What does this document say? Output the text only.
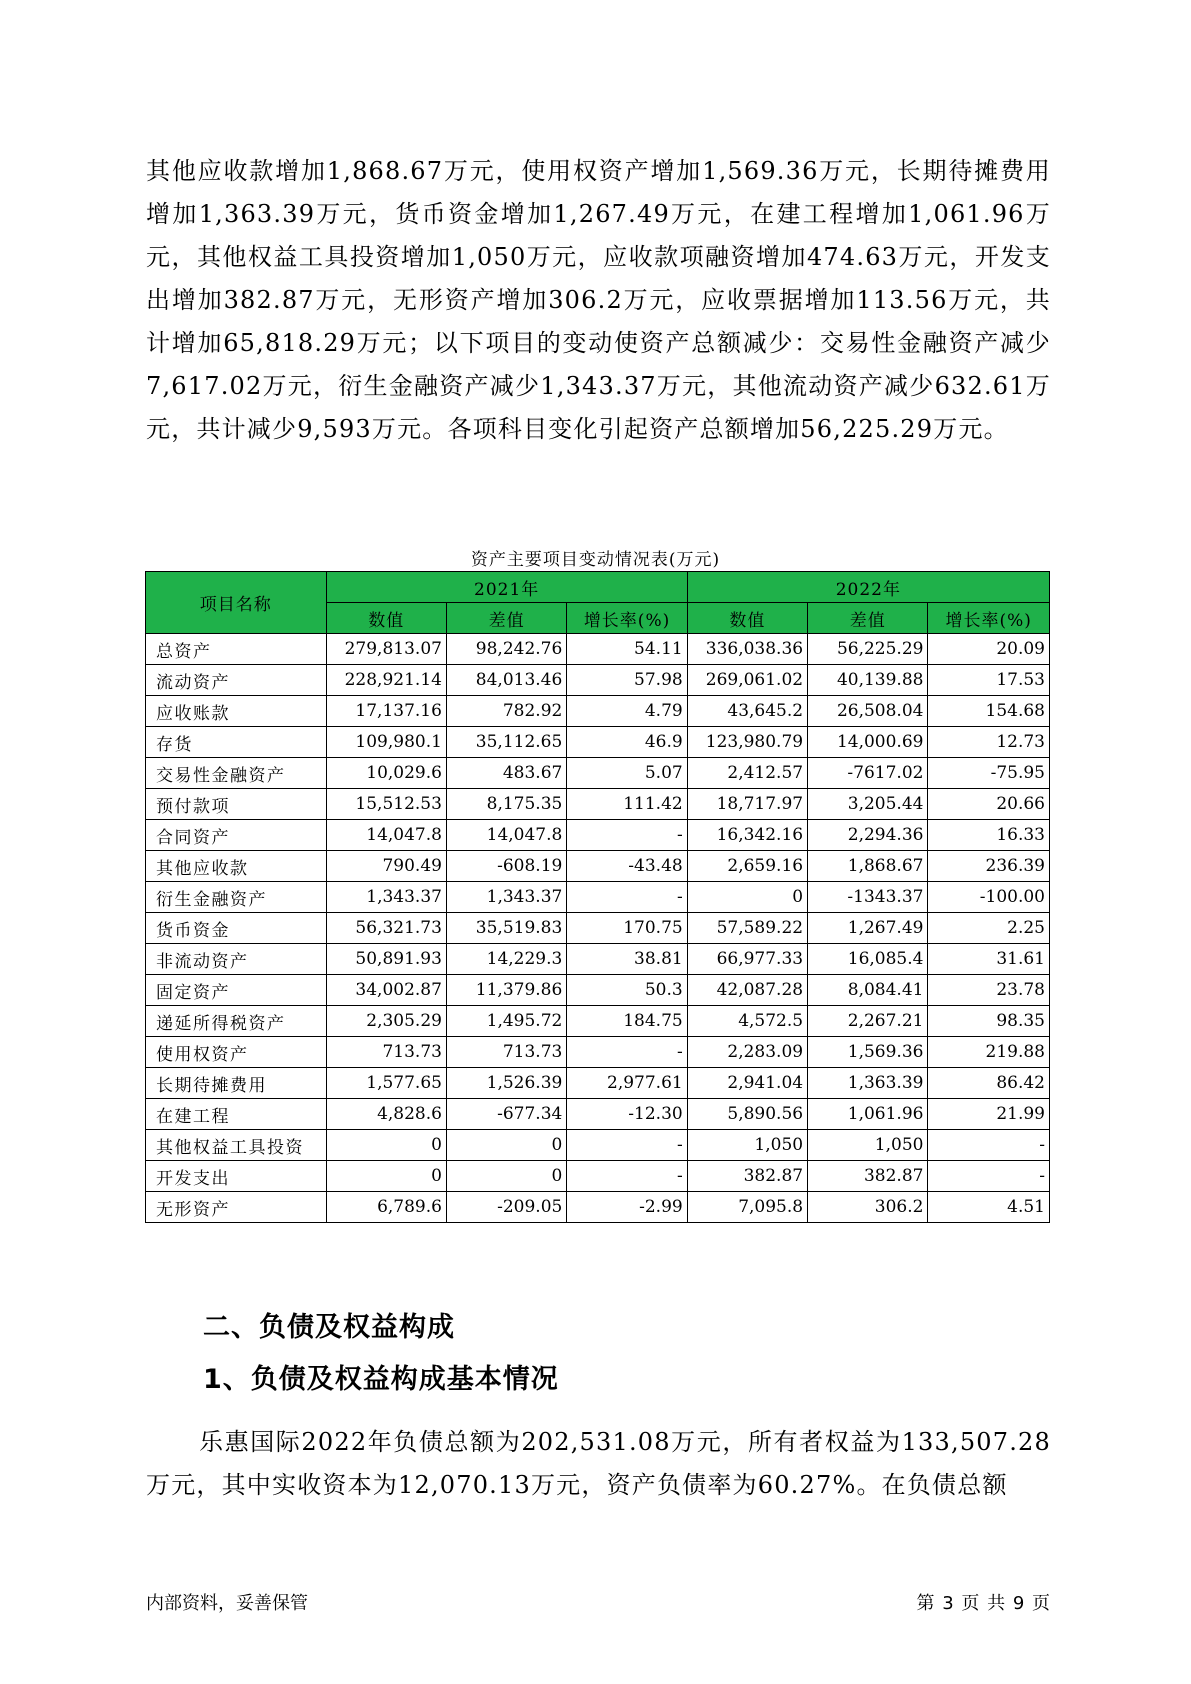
其他应收款增加1,868.67万元，使用权资产增加1,569.36万元，长期待摊费用增加1,363.39万元，货币资金增加1,267.49万元，在建工程增加1,061.96万元，其他权益工具投资增加1,050万元，应收款项融资增加474.63万元，开发支出增加382.87万元，无形资产增加306.2万元，应收票据增加113.56万元，共计增加65,818.29万元；以下项目的变动使资产总额减少：交易性金融资产减少7,617.02万元，衍生金融资产减少1,343.37万元，其他流动资产减少632.61万元，共计减少9,593万元。各项科目变化引起资产总额增加56,225.29万元。

资产主要项目变动情况表(万元)
项目名称	2021年			2022年		
	数值	差值	增长率(%)	数值	差值	增长率(%)
总资产	279,813.07	98,242.76	54.11	336,038.36	56,225.29	20.09
流动资产	228,921.14	84,013.46	57.98	269,061.02	40,139.88	17.53
应收账款	17,137.16	782.92	4.79	43,645.2	26,508.04	154.68
存货	109,980.1	35,112.65	46.9	123,980.79	14,000.69	12.73
交易性金融资产	10,029.6	483.67	5.07	2,412.57	-7617.02	-75.95
预付款项	15,512.53	8,175.35	111.42	18,717.97	3,205.44	20.66
合同资产	14,047.8	14,047.8	-	16,342.16	2,294.36	16.33
其他应收款	790.49	-608.19	-43.48	2,659.16	1,868.67	236.39
衍生金融资产	1,343.37	1,343.37	-	0	-1343.37	-100.00
货币资金	56,321.73	35,519.83	170.75	57,589.22	1,267.49	2.25
非流动资产	50,891.93	14,229.3	38.81	66,977.33	16,085.4	31.61
固定资产	34,002.87	11,379.86	50.3	42,087.28	8,084.41	23.78
递延所得税资产	2,305.29	1,495.72	184.75	4,572.5	2,267.21	98.35
使用权资产	713.73	713.73	-	2,283.09	1,569.36	219.88
长期待摊费用	1,577.65	1,526.39	2,977.61	2,941.04	1,363.39	86.42
在建工程	4,828.6	-677.34	-12.30	5,890.56	1,061.96	21.99
其他权益工具投资	0	0	-	1,050	1,050	-
开发支出	0	0	-	382.87	382.87	-
无形资产	6,789.6	-209.05	-2.99	7,095.8	306.2	4.51
二、负债及权益构成
1、负债及权益构成基本情况

乐惠国际2022年负债总额为202,531.08万元，所有者权益为133,507.28万元，其中实收资本为12,070.13万元，资产负债率为60.27%。在负债总额

内部资料，妥善保管	第 3 页 共 9 页
